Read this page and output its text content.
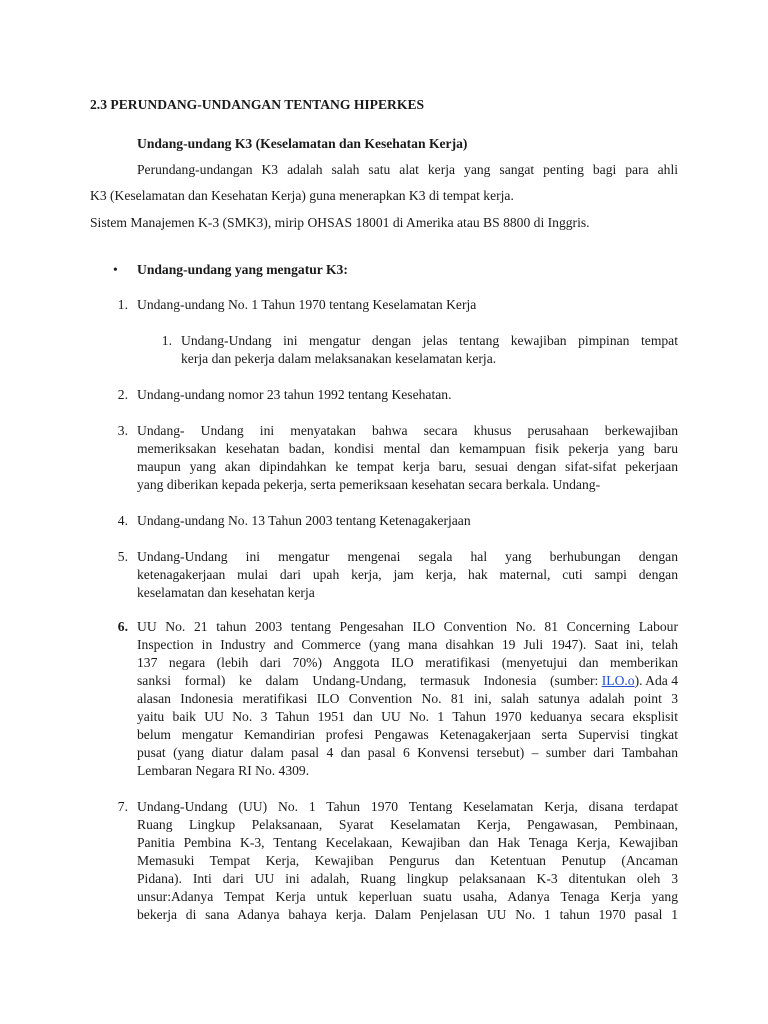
2.3 PERUNDANG-UNDANGAN TENTANG HIPERKES
Undang-undang K3 (Keselamatan dan Kesehatan Kerja)
Perundang-undangan K3 adalah salah satu alat kerja yang sangat penting bagi para ahli
K3 (Keselamatan dan Kesehatan Kerja) guna menerapkan K3 di tempat kerja.
Sistem Manajemen K-3 (SMK3), mirip OHSAS 18001 di Amerika atau BS 8800 di Inggris.
• Undang-undang yang mengatur K3:
1. Undang-undang No. 1 Tahun 1970 tentang Keselamatan Kerja
1. Undang-Undang ini mengatur dengan jelas tentang kewajiban pimpinan tempat
kerja dan pekerja dalam melaksanakan keselamatan kerja.
2. Undang-undang nomor 23 tahun 1992 tentang Kesehatan.
3. Undang- Undang ini menyatakan bahwa secara khusus perusahaan berkewajiban
memeriksakan kesehatan badan, kondisi mental dan kemampuan fisik pekerja yang baru
maupun yang akan dipindahkan ke tempat kerja baru, sesuai dengan sifat-sifat pekerjaan
yang diberikan kepada pekerja, serta pemeriksaan kesehatan secara berkala. Undang-
4. Undang-undang No. 13 Tahun 2003 tentang Ketenagakerjaan
5. Undang-Undang ini mengatur mengenai segala hal yang berhubungan dengan
ketenagakerjaan mulai dari upah kerja, jam kerja, hak maternal, cuti sampi dengan
keselamatan dan kesehatan kerja
6. UU No. 21 tahun 2003 tentang Pengesahan ILO Convention No. 81 Concerning Labour
Inspection in Industry and Commerce (yang mana disahkan 19 Juli 1947). Saat ini, telah
137 negara (lebih dari 70%) Anggota ILO meratifikasi (menyetujui dan memberikan
sanksi formal) ke dalam Undang-Undang, termasuk Indonesia (sumber: ILO.o ). Ada 4
alasan Indonesia meratifikasi ILO Convention No. 81 ini, salah satunya adalah point 3
yaitu baik UU No. 3 Tahun 1951 dan UU No. 1 Tahun 1970 keduanya secara eksplisit
belum mengatur Kemandirian profesi Pengawas Ketenagakerjaan serta Supervisi tingkat
pusat (yang diatur dalam pasal 4 dan pasal 6 Konvensi tersebut) – sumber dari Tambahan
Lembaran Negara RI No. 4309.
7. Undang-Undang (UU) No. 1 Tahun 1970 Tentang Keselamatan Kerja, disana terdapat
Ruang Lingkup Pelaksanaan, Syarat Keselamatan Kerja, Pengawasan, Pembinaan,
Panitia Pembina K-3, Tentang Kecelakaan, Kewajiban dan Hak Tenaga Kerja, Kewajiban
Memasuki Tempat Kerja, Kewajiban Pengurus dan Ketentuan Penutup (Ancaman
Pidana). Inti dari UU ini adalah, Ruang lingkup pelaksanaan K-3 ditentukan oleh 3
unsur:Adanya Tempat Kerja untuk keperluan suatu usaha, Adanya Tenaga Kerja yang
bekerja di sana Adanya bahaya kerja. Dalam Penjelasan UU No. 1 tahun 1970 pasal 1
